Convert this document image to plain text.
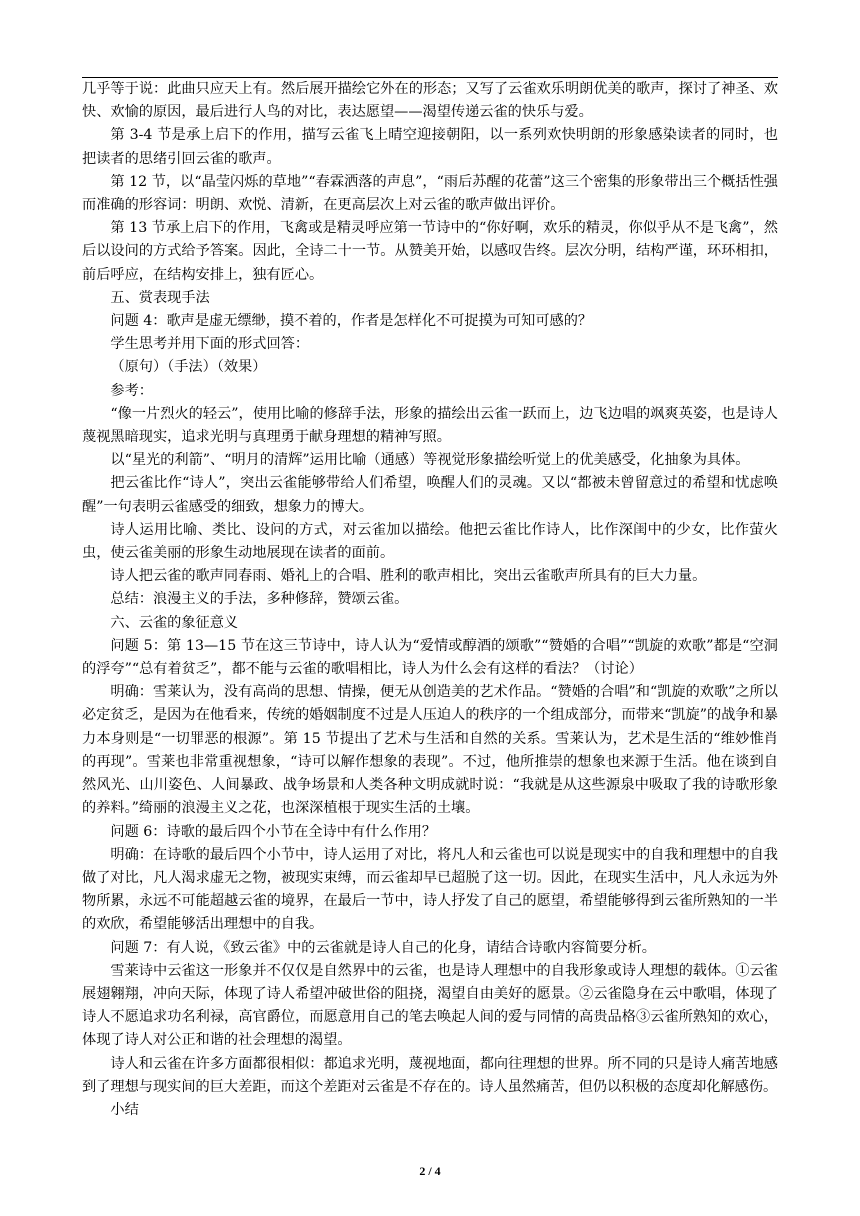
几乎等于说：此曲只应天上有。然后展开描绘它外在的形态；又写了云雀欢乐明朗优美的歌声，探讨了神圣、欢快、欢愉的原因，最后进行人鸟的对比，表达愿望——渴望传递云雀的快乐与爱。

第 3-4 节是承上启下的作用，描写云雀飞上晴空迎接朝阳，以一系列欢快明朗的形象感染读者的同时，也把读者的思绪引回云雀的歌声。

第 12 节，以“晶莹闪烁的草地”“春霖洒落的声息”，“雨后苏醒的花蕾”这三个密集的形象带出三个概括性强而准确的形容词：明朗、欢悦、清新，在更高层次上对云雀的歌声做出评价。

第 13 节承上启下的作用，飞禽或是精灵呼应第一节诗中的“你好啊，欢乐的精灵，你似乎从不是飞禽”，然后以设问的方式给予答案。因此，全诗二十一节。从赞美开始，以感叹告终。层次分明，结构严谨，环环相扣，前后呼应，在结构安排上，独有匠心。

五、赏表现手法

问题 4：歌声是虚无缥缈，摸不着的，作者是怎样化不可捉摸为可知可感的？

学生思考并用下面的形式回答：

（原句）（手法）（效果）

参考：

“像一片烈火的轻云”，使用比喻的修辞手法，形象的描绘出云雀一跃而上，边飞边唱的飒爽英姿，也是诗人蔑视黑暗现实，追求光明与真理勇于献身理想的精神写照。

以“星光的利箭”、“明月的清辉”运用比喻（通感）等视觉形象描绘听觉上的优美感受，化抽象为具体。

把云雀比作“诗人”，突出云雀能够带给人们希望，唤醒人们的灵魂。又以“都被未曾留意过的希望和忧虑唤醒”一句表明云雀感受的细致，想象力的博大。

诗人运用比喻、类比、设问的方式，对云雀加以描绘。他把云雀比作诗人，比作深闺中的少女，比作萤火虫，使云雀美丽的形象生动地展现在读者的面前。

诗人把云雀的歌声同春雨、婚礼上的合唱、胜利的歌声相比，突出云雀歌声所具有的巨大力量。

总结：浪漫主义的手法，多种修辞，赞颂云雀。

六、云雀的象征意义

问题 5：第 13—15 节在这三节诗中，诗人认为“爱情或醇酒的颂歌”“赞婚的合唱”“凯旋的欢歌”都是“空洞的浮夸”“总有着贫乏”，都不能与云雀的歌唱相比，诗人为什么会有这样的看法？（讨论）

明确：雪莱认为，没有高尚的思想、情操，便无从创造美的艺术作品。“赞婚的合唱”和“凯旋的欢歌”之所以必定贫乏，是因为在他看来，传统的婚姻制度不过是人压迫人的秩序的一个组成部分，而带来“凯旋”的战争和暴力本身则是“一切罪恶的根源”。第 15 节提出了艺术与生活和自然的关系。雪莱认为，艺术是生活的“维妙惟肖的再现”。雪莱也非常重视想象，“诗可以解作想象的表现”。不过，他所推崇的想象也来源于生活。他在谈到自然风光、山川姿色、人间暴政、战争场景和人类各种文明成就时说：“我就是从这些源泉中吸取了我的诗歌形象的养料。”绮丽的浪漫主义之花，也深深植根于现实生活的土壤。

问题 6：诗歌的最后四个小节在全诗中有什么作用？

明确：在诗歌的最后四个小节中，诗人运用了对比，将凡人和云雀也可以说是现实中的自我和理想中的自我做了对比，凡人渴求虚无之物，被现实束缚，而云雀却早已超脱了这一切。因此，在现实生活中，凡人永远为外物所累，永远不可能超越云雀的境界，在最后一节中，诗人抒发了自己的愿望，希望能够得到云雀所熟知的一半的欢欣，希望能够活出理想中的自我。

问题 7：有人说，《致云雀》中的云雀就是诗人自己的化身，请结合诗歌内容简要分析。

雪莱诗中云雀这一形象并不仅仅是自然界中的云雀，也是诗人理想中的自我形象或诗人理想的载体。①云雀展翅翱翔，冲向天际，体现了诗人希望冲破世俗的阻挠，渴望自由美好的愿景。②云雀隐身在云中歌唱，体现了诗人不愿追求功名利禄，高官爵位，而愿意用自己的笔去唤起人间的爱与同情的高贵品格③云雀所熟知的欢心，体现了诗人对公正和谐的社会理想的渴望。

诗人和云雀在许多方面都很相似：都追求光明，蔑视地面，都向往理想的世界。所不同的只是诗人痛苦地感到了理想与现实间的巨大差距，而这个差距对云雀是不存在的。诗人虽然痛苦，但仍以积极的态度却化解感伤。

小结

2 / 4
